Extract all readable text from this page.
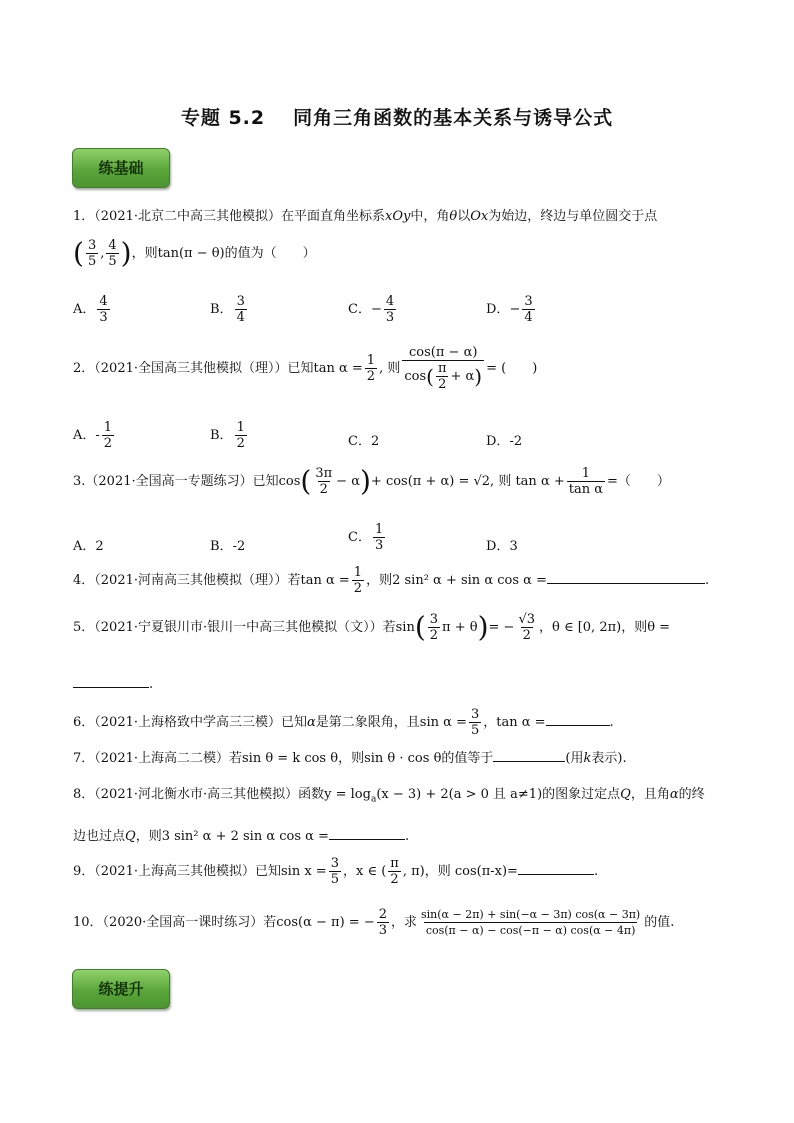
专题 5.2 同角三角函数的基本关系与诱导公式
练基础
1．（2021·北京二中高三其他模拟）在平面直角坐标系xOy中，角θ以Ox为始边，终边与单位圆交于点
( $\frac{3}{5}$ , $\frac{4}{5}$ )，则tan(π − θ)的值为（　　）
A． $\frac{4}{3}$	B． $\frac{3}{4}$	C．− $\frac{4}{3}$	D．− $\frac{3}{4}$
2．（2021·全国高三其他模拟（理））已知$\tan \alpha = \frac{1}{2}$ , 则 $\frac{\cos(\pi - \alpha)}{\cos( \frac{\pi}{2} + \alpha)}$ = (　　)
A．- $\frac{1}{2}$	B． $\frac{1}{2}$	C．2	D．-2
3.（2021·全国高一专题练习）已知$\cos( \frac{3\pi}{2} - \alpha)+ \cos(\pi + \alpha) = √2$, 则 $\tan \alpha + \frac{1}{\text{tan α}}$ =（　　）
A．2	B．-2
C． $\frac{1}{3}$	D．3
4．（2021·河南高三其他模拟（理））若$\tan \alpha = \frac{1}{2}$ ，则2 sin² α + sin α cos α =	.
5．（2021·宁夏银川市·银川一中高三其他模拟（文））若$\sin( \frac{3}{2}$ $\pi + \theta)= - \frac{√3}{2}$ ，θ ∈ [0, 2π)，则θ =
.
6．（2021·上海格致中学高三三模）已知α是第二象限角，且$\sin \alpha = \frac{3}{5}$ ，tan α =	.
7．（2021·上海高二二模）若sin θ = k cos θ，则sin θ · cos θ的值等于	(用k表示).
8．（2021·河北衡水市·高三其他模拟）函数$y = \log_a(x - 3) + 2(a > 0$ 且 a≠1)的图象过定点Q，且角α的终
边也过点Q，则3 sin² α + 2 sin α cos α =	.
9．（2021·上海高三其他模拟）已知$\sin x = \frac{3}{5}$ ，x ∈ ( $\frac{\pi}{2}$ , π)，则 cos(π-x)=	.
10．（2020·全国高一课时练习）若cos(α − π) = − $\frac{2}{3}$ ，求 $\frac{\sin(\alpha - 2\pi) + \sin(-\alpha - 3\pi) \cos(\alpha - 3\pi)}{\cos(\pi - \alpha) - \cos(-\pi - \alpha) \cos(\alpha - 4\pi)}$ 的值.
练提升
